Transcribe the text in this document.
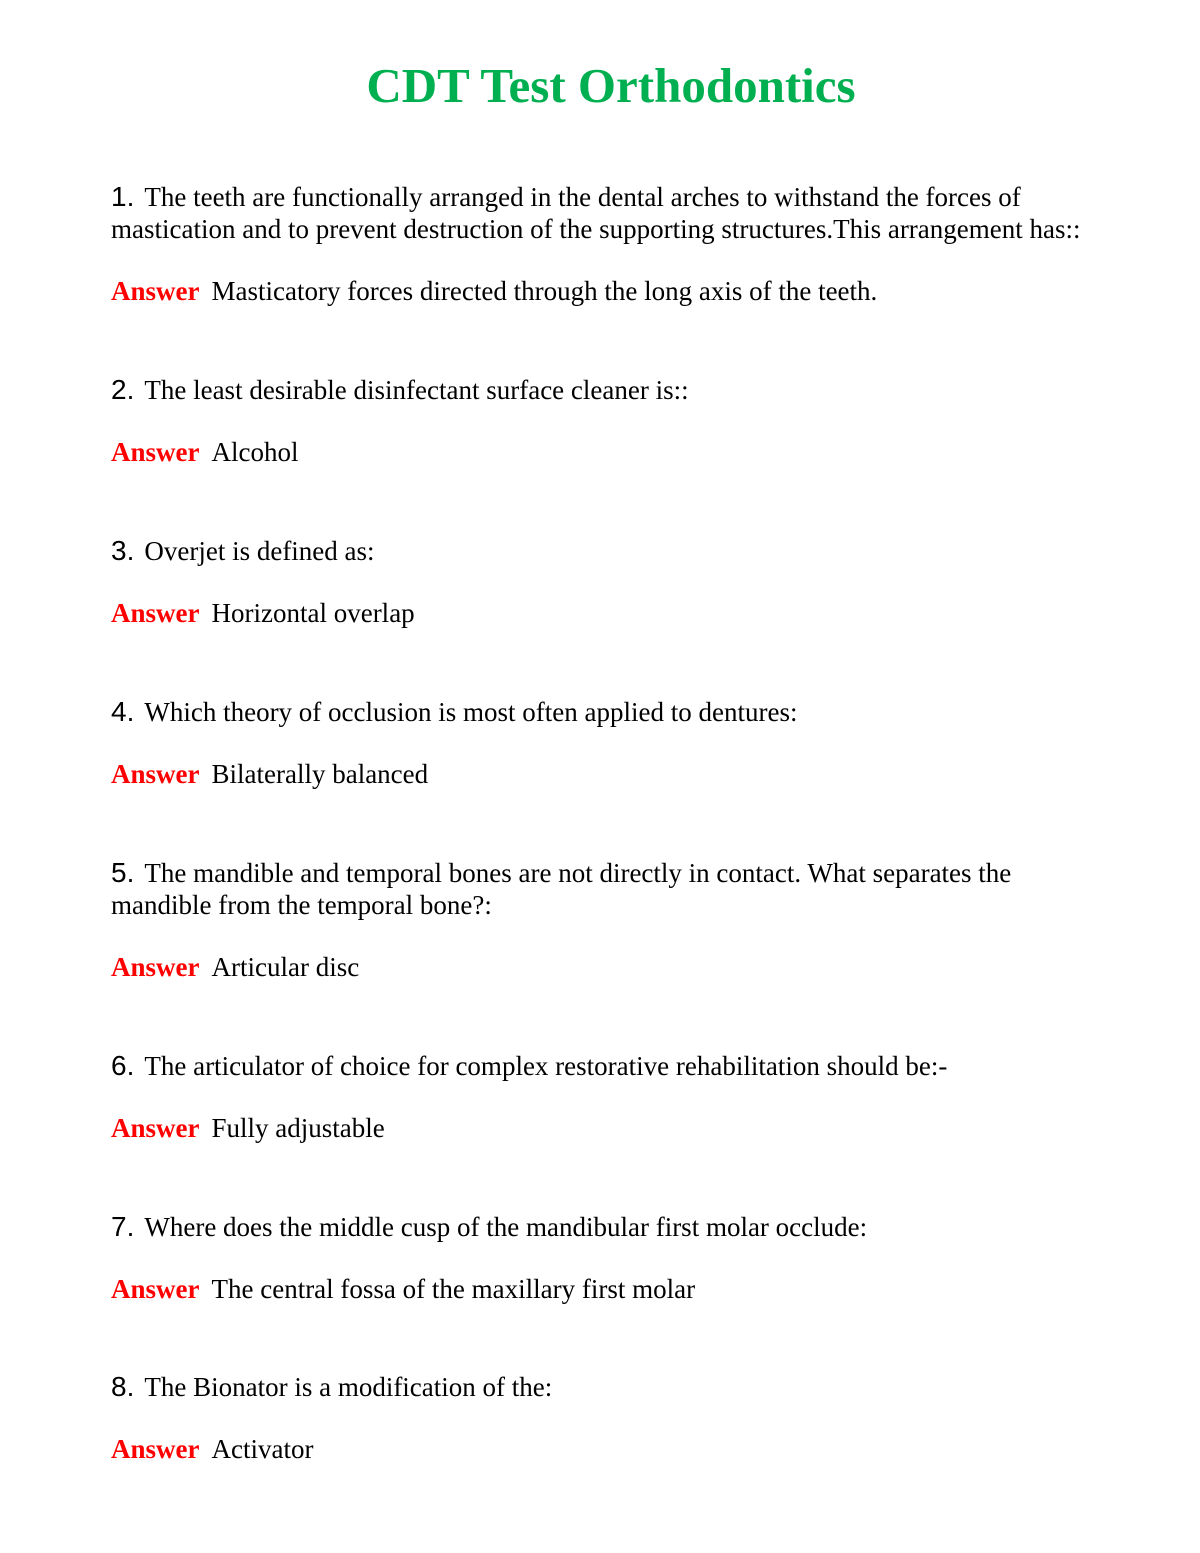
CDT Test Orthodontics

1. The teeth are functionally arranged in the dental arches to withstand the forces of mastication and to prevent destruction of the supporting structures.This arrangement has::

Answer Masticatory forces directed through the long axis of the teeth.

2. The least desirable disinfectant surface cleaner is::

Answer Alcohol

3. Overjet is defined as:

Answer Horizontal overlap

4. Which theory of occlusion is most often applied to dentures:

Answer Bilaterally balanced

5. The mandible and temporal bones are not directly in contact. What separates the mandible from the temporal bone?:

Answer Articular disc

6. The articulator of choice for complex restorative rehabilitation should be:-

Answer Fully adjustable

7. Where does the middle cusp of the mandibular first molar occlude:

Answer The central fossa of the maxillary first molar

8. The Bionator is a modification of the:

Answer Activator
